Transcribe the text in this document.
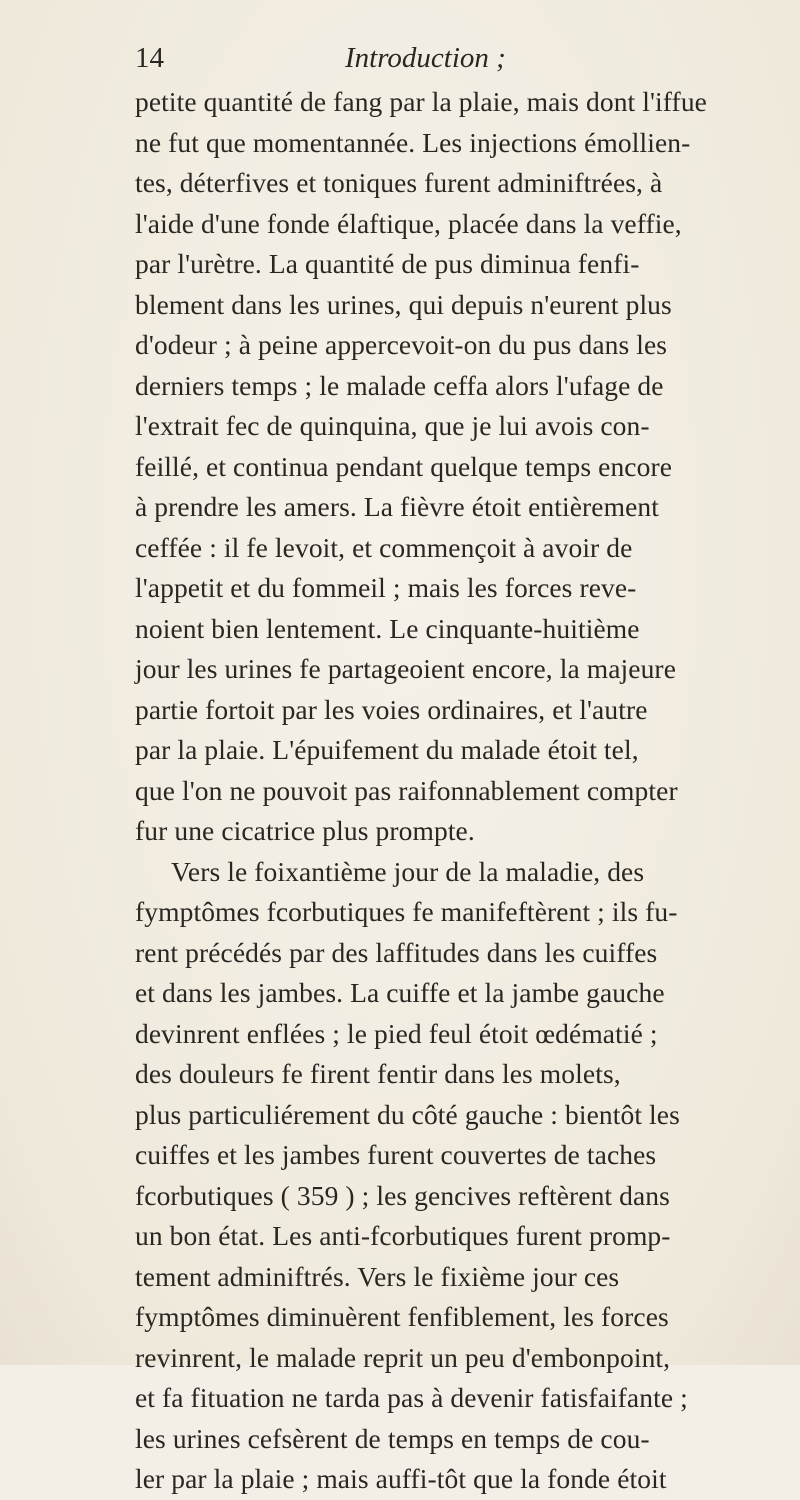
14	Introduction ;
petite quantité de fang par la plaie, mais dont l'iffue
ne fut que momentannée. Les injections émollien-
tes, déterfives et toniques furent adminiftrées, à
l'aide d'une fonde élaftique, placée dans la veffie,
par l'urètre. La quantité de pus diminua fenfi-
blement dans les urines, qui depuis n'eurent plus
d'odeur ; à peine appercevoit-on du pus dans les
derniers temps ; le malade ceffa alors l'ufage de
l'extrait fec de quinquina, que je lui avois con-
feillé, et continua pendant quelque temps encore
à prendre les amers. La fièvre étoit entièrement
ceffée : il fe levoit, et commençoit à avoir de
l'appetit et du fommeil ; mais les forces reve-
noient bien lentement. Le cinquante-huitième
jour les urines fe partageoient encore, la majeure
partie fortoit par les voies ordinaires, et l'autre
par la plaie. L'épuifement du malade étoit tel,
que l'on ne pouvoit pas raifonnablement compter
fur une cicatrice plus prompte.
Vers le foixantième jour de la maladie, des
fymptômes fcorbutiques fe manifeftèrent ; ils fu-
rent précédés par des laffitudes dans les cuiffes
et dans les jambes. La cuiffe et la jambe gauche
devinrent enflées ; le pied feul étoit œdématié ;
des douleurs fe firent fentir dans les molets,
plus particuliérement du côté gauche : bientôt les
cuiffes et les jambes furent couvertes de taches
fcorbutiques ( 359 ) ; les gencives reftèrent dans
un bon état. Les anti-fcorbutiques furent promp-
tement adminiftrés. Vers le fixième jour ces
fymptômes diminuèrent fenfiblement, les forces
revinrent, le malade reprit un peu d'embonpoint,
et fa fituation ne tarda pas à devenir fatisfaifante ;
les urines cefsèrent de temps en temps de cou-
ler par la plaie ; mais auffi-tôt que la fonde étoit
